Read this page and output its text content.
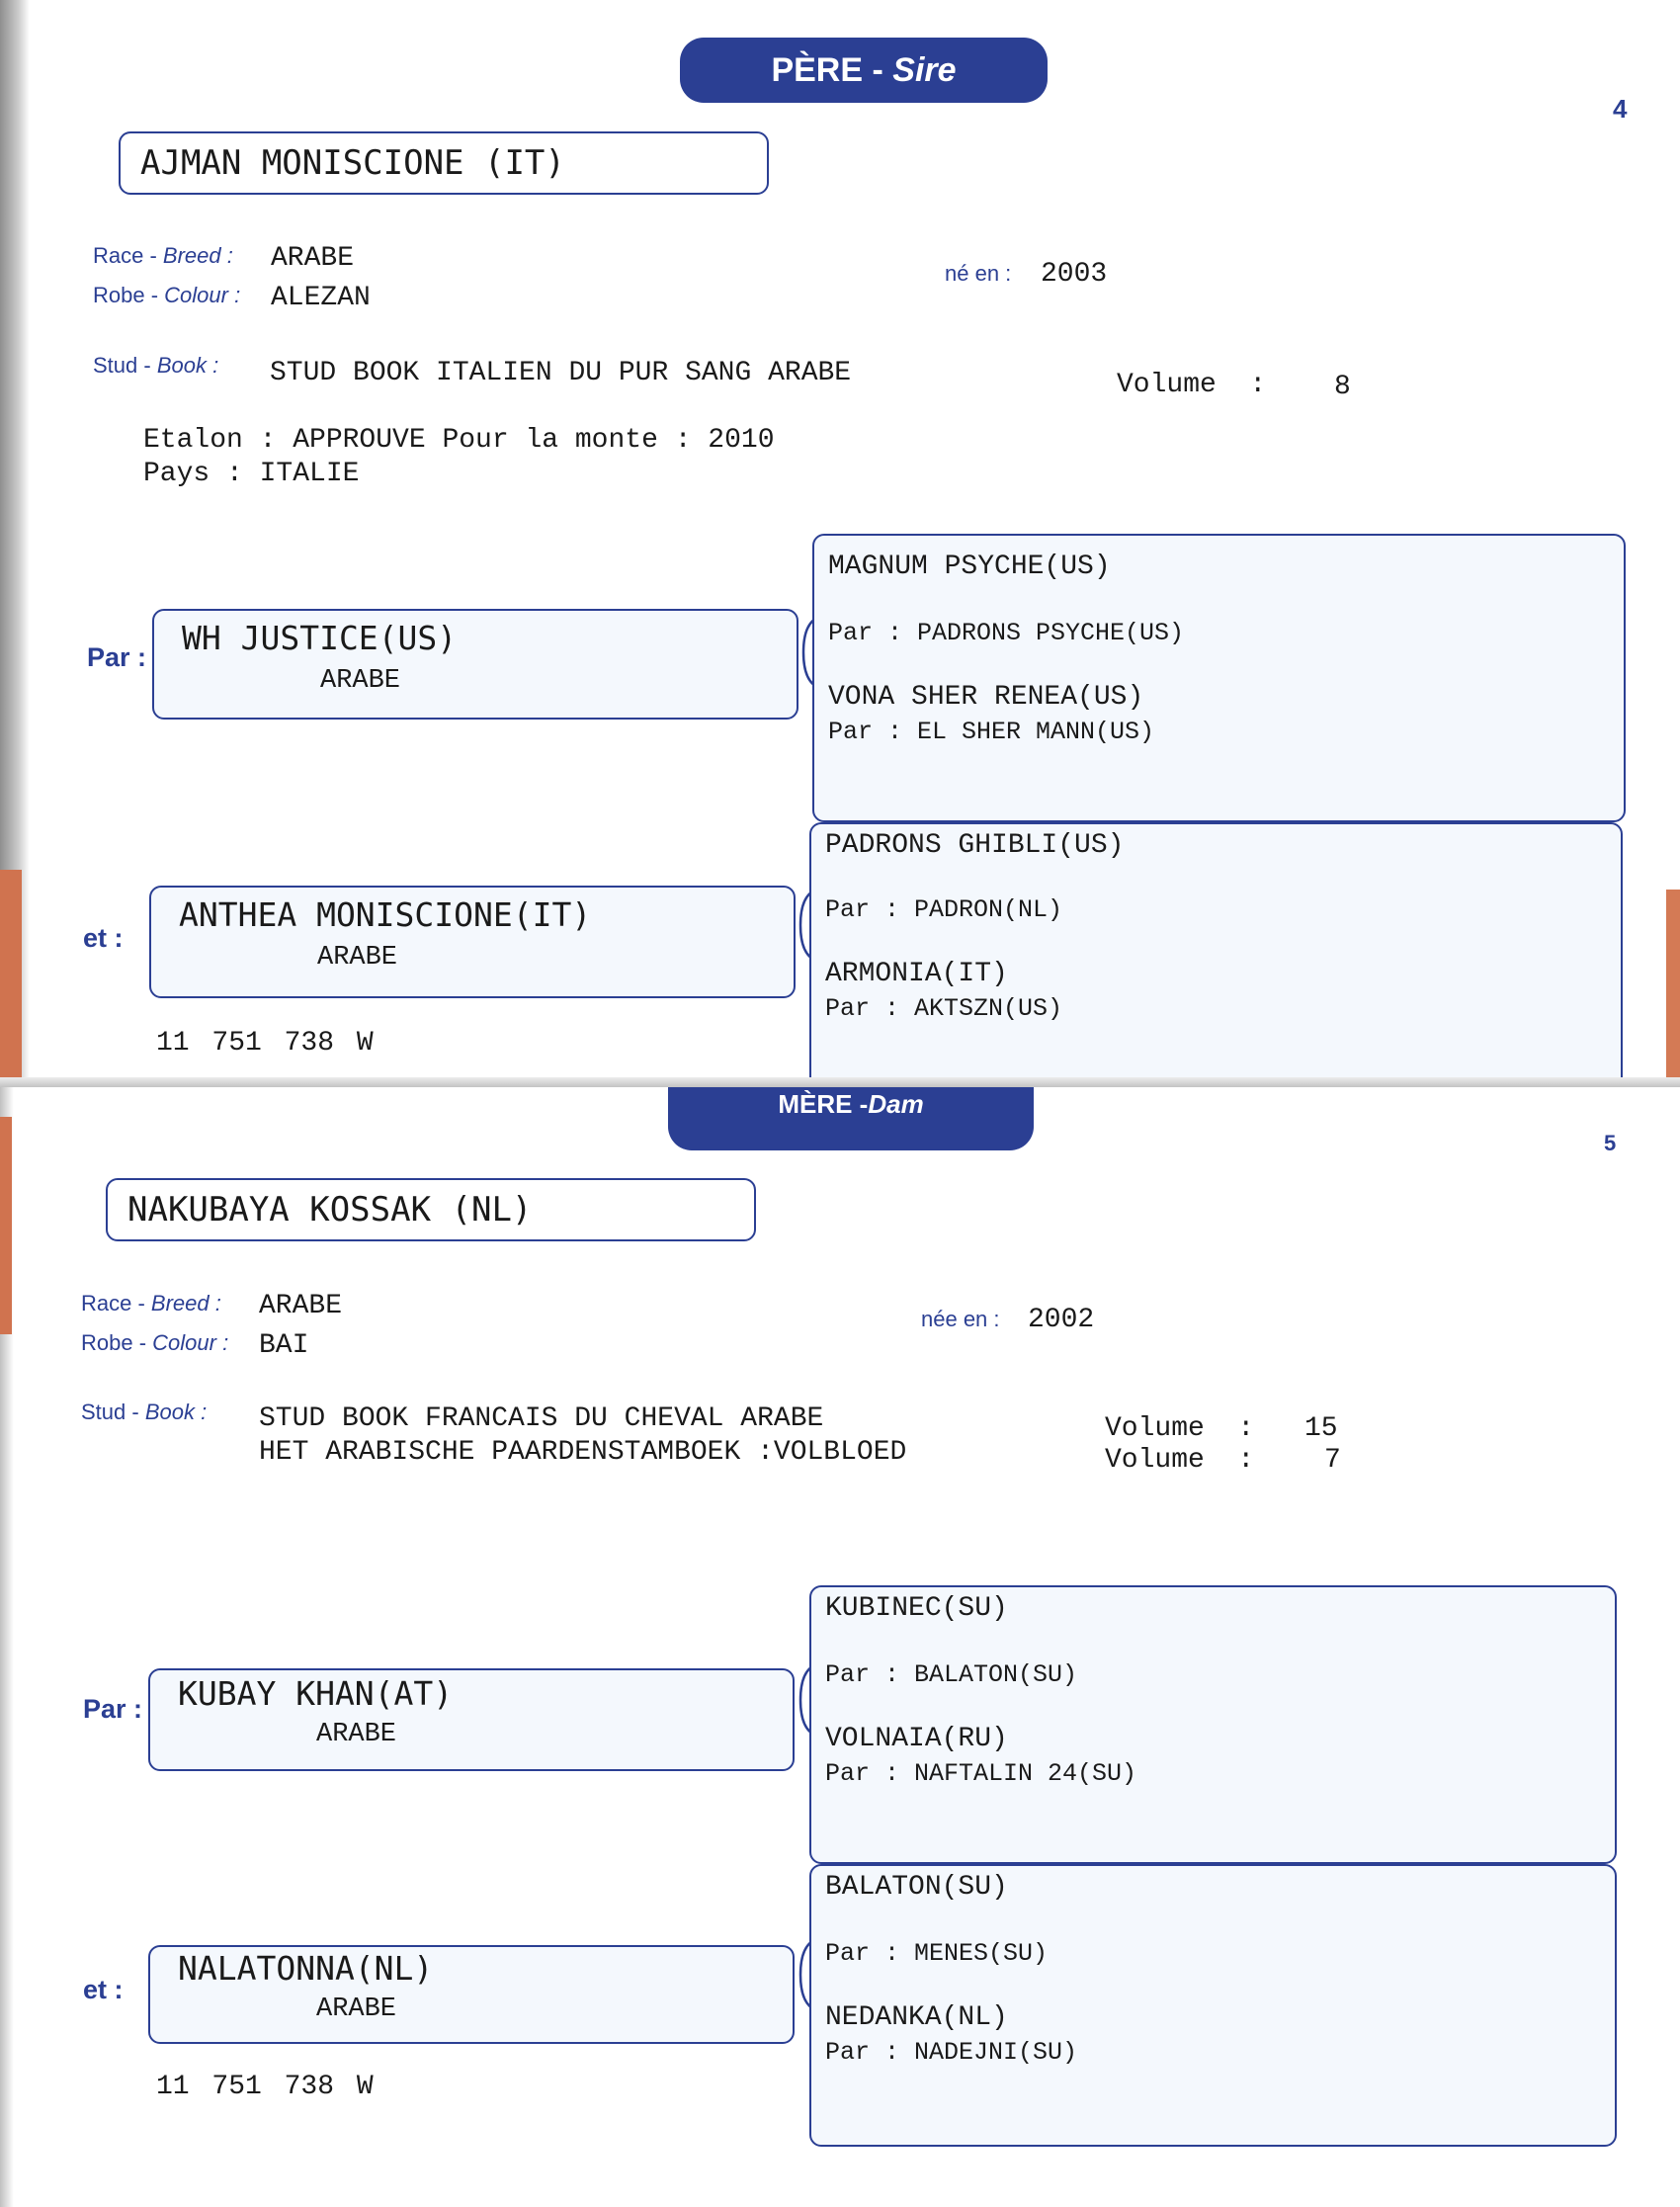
PÈRE - Sire
4
AJMAN MONISCIONE (IT)
Race - Breed : ARABE
Robe - Colour : ALEZAN
né en : 2003
Stud - Book : STUD BOOK ITALIEN DU PUR SANG ARABE	Volume  : 8
Etalon : APPROUVE Pour la monte : 2010
Pays : ITALIE
Par : WH JUSTICE(US)
ARABE
et :
ANTHEA MONISCIONE(IT)
ARABE
11 751 738 W
MAGNUM PSYCHE(US)
Par : PADRONS PSYCHE(US)
VONA SHER RENEA(US)
Par : EL SHER MANN(US)
PADRONS GHIBLI(US)
Par : PADRON(NL)
ARMONIA(IT)
Par : AKTSZN(US)
MÈRE -Dam
5
NAKUBAYA KOSSAK (NL)
Race - Breed : ARABE
Robe - Colour : BAI
née en : 2002
Stud - Book : STUD BOOK FRANCAIS DU CHEVAL ARABE
HET ARABISCHE PAARDENSTAMBOEK :VOLBLOED
Volume  : 15
Volume  :	7
Par : KUBAY KHAN(AT)
ARABE
et :
NALATONNA(NL)
ARABE
11 751 738 W
KUBINEC(SU)
Par : BALATON(SU)
VOLNAIA(RU)
Par : NAFTALIN 24(SU)
BALATON(SU)
Par : MENES(SU)
NEDANKA(NL)
Par : NADEJNI(SU)
